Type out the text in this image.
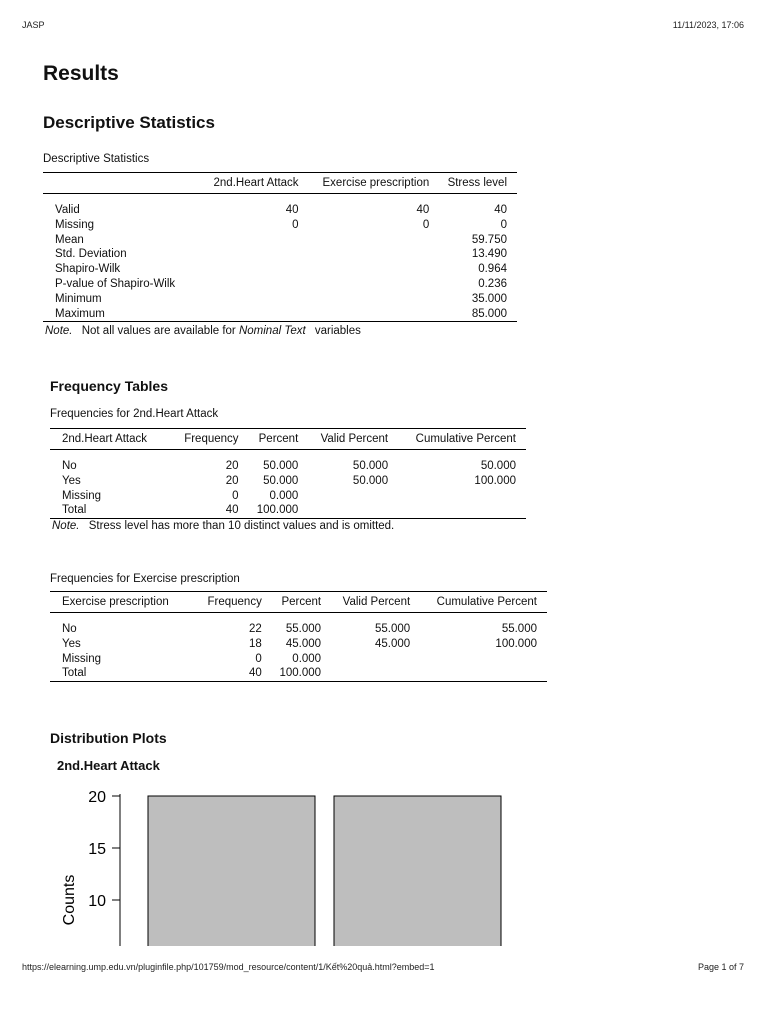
JASP	11/11/2023, 17:06
Results
Descriptive Statistics
Descriptive Statistics
	2nd.Heart Attack	Exercise prescription	Stress level
Valid	40	40	40
Missing	0	0	0
Mean			59.750
Std. Deviation			13.490
Shapiro-Wilk			0.964
P-value of Shapiro-Wilk			0.236
Minimum			35.000
Maximum			85.000
Note. Not all values are available for Nominal Text variables
Frequency Tables
Frequencies for 2nd.Heart Attack
2nd.Heart Attack	Frequency	Percent	Valid Percent	Cumulative Percent
No	20	50.000	50.000	50.000
Yes	20	50.000	50.000	100.000
Missing	0	0.000		
Total	40	100.000		
Note. Stress level has more than 10 distinct values and is omitted.
Frequencies for Exercise prescription
Exercise prescription	Frequency	Percent	Valid Percent	Cumulative Percent
No	22	55.000	55.000	55.000
Yes	18	45.000	45.000	100.000
Missing	0	0.000		
Total	40	100.000		
Distribution Plots
2nd.Heart Attack
Counts 10
15
20
https://elearning.ump.edu.vn/pluginfile.php/101759/mod_resource/content/1/Kết%20quả.html?embed=1	Page 1 of 7
